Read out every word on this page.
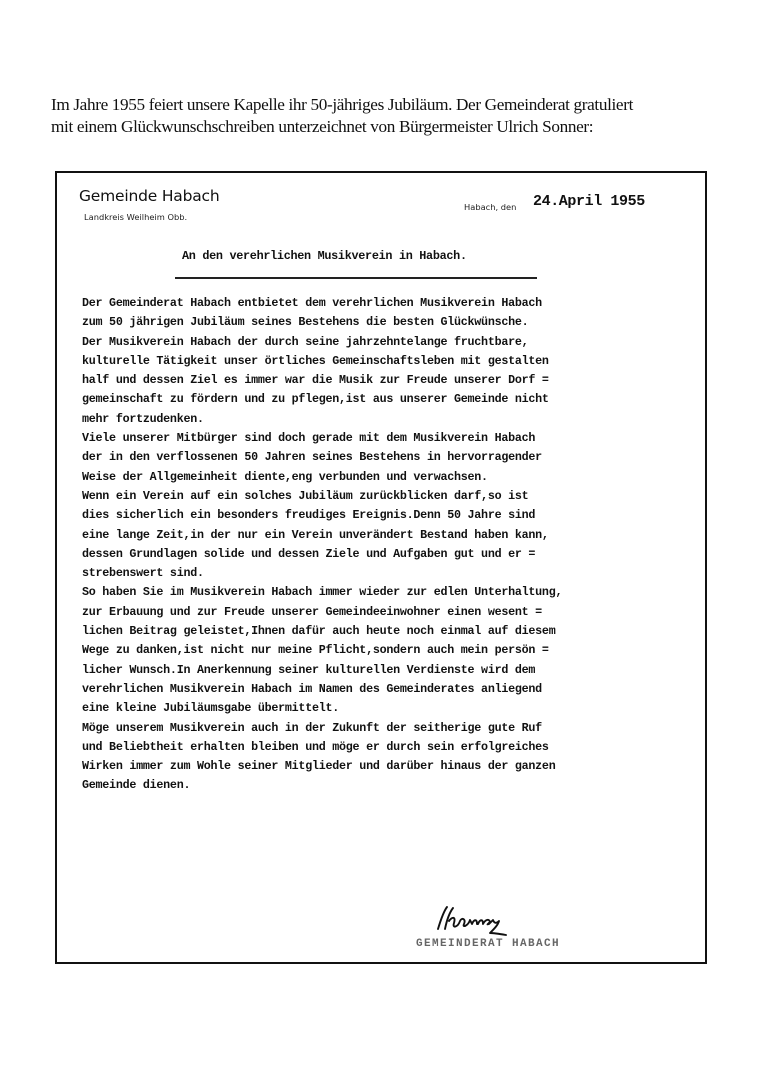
Im Jahre 1955 feiert unsere Kapelle ihr 50-jähriges Jubiläum. Der Gemeinderat gratuliert
mit einem Glückwunschschreiben unterzeichnet von Bürgermeister Ulrich Sonner:
Gemeinde Habach
Landkreis Weilheim Obb.
Habach, den 24.April 1955
An den verehrlichen Musikverein in Habach.
Der Gemeinderat Habach entbietet dem verehrlichen Musikverein Habach
zum 50 jährigen Jubiläum seines Bestehens die besten Glückwünsche.
Der Musikverein Habach der durch seine jahrzehntelange fruchtbare,
kulturelle Tätigkeit unser örtliches Gemeinschaftsleben mit gestalten
half und dessen Ziel es immer war die Musik zur Freude unserer Dorf =
gemeinschaft zu fördern und zu pflegen,ist aus unserer Gemeinde nicht
mehr fortzudenken.
Viele unserer Mitbürger sind doch gerade mit dem Musikverein Habach
der in den verflossenen 50 Jahren seines Bestehens in hervorragender
Weise der Allgemeinheit diente,eng verbunden und verwachsen.
Wenn ein Verein auf ein solches Jubiläum zurückblicken darf,so ist
dies sicherlich ein besonders freudiges Ereignis.Denn 50 Jahre sind
eine lange Zeit,in der nur ein Verein unverändert Bestand haben kann,
dessen Grundlagen solide und dessen Ziele und Aufgaben gut und er =
strebenswert sind.
So haben Sie im Musikverein Habach immer wieder zur edlen Unterhaltung,
zur Erbauung und zur Freude unserer Gemeindeeinwohner einen wesent =
lichen Beitrag geleistet,Ihnen dafür auch heute noch einmal auf diesem
Wege zu danken,ist nicht nur meine Pflicht,sondern auch mein persön =
licher Wunsch.In Anerkennung seiner kulturellen Verdienste wird dem
verehrlichen Musikverein Habach im Namen des Gemeinderates anliegend
eine kleine Jubiläumsgabe übermittelt.
Möge unserem Musikverein auch in der Zukunft der seitherige gute Ruf
und Beliebtheit erhalten bleiben und möge er durch sein erfolgreiches
Wirken immer zum Wohle seiner Mitglieder und darüber hinaus der ganzen
Gemeinde dienen.
GEMEINDERAT HABACH
